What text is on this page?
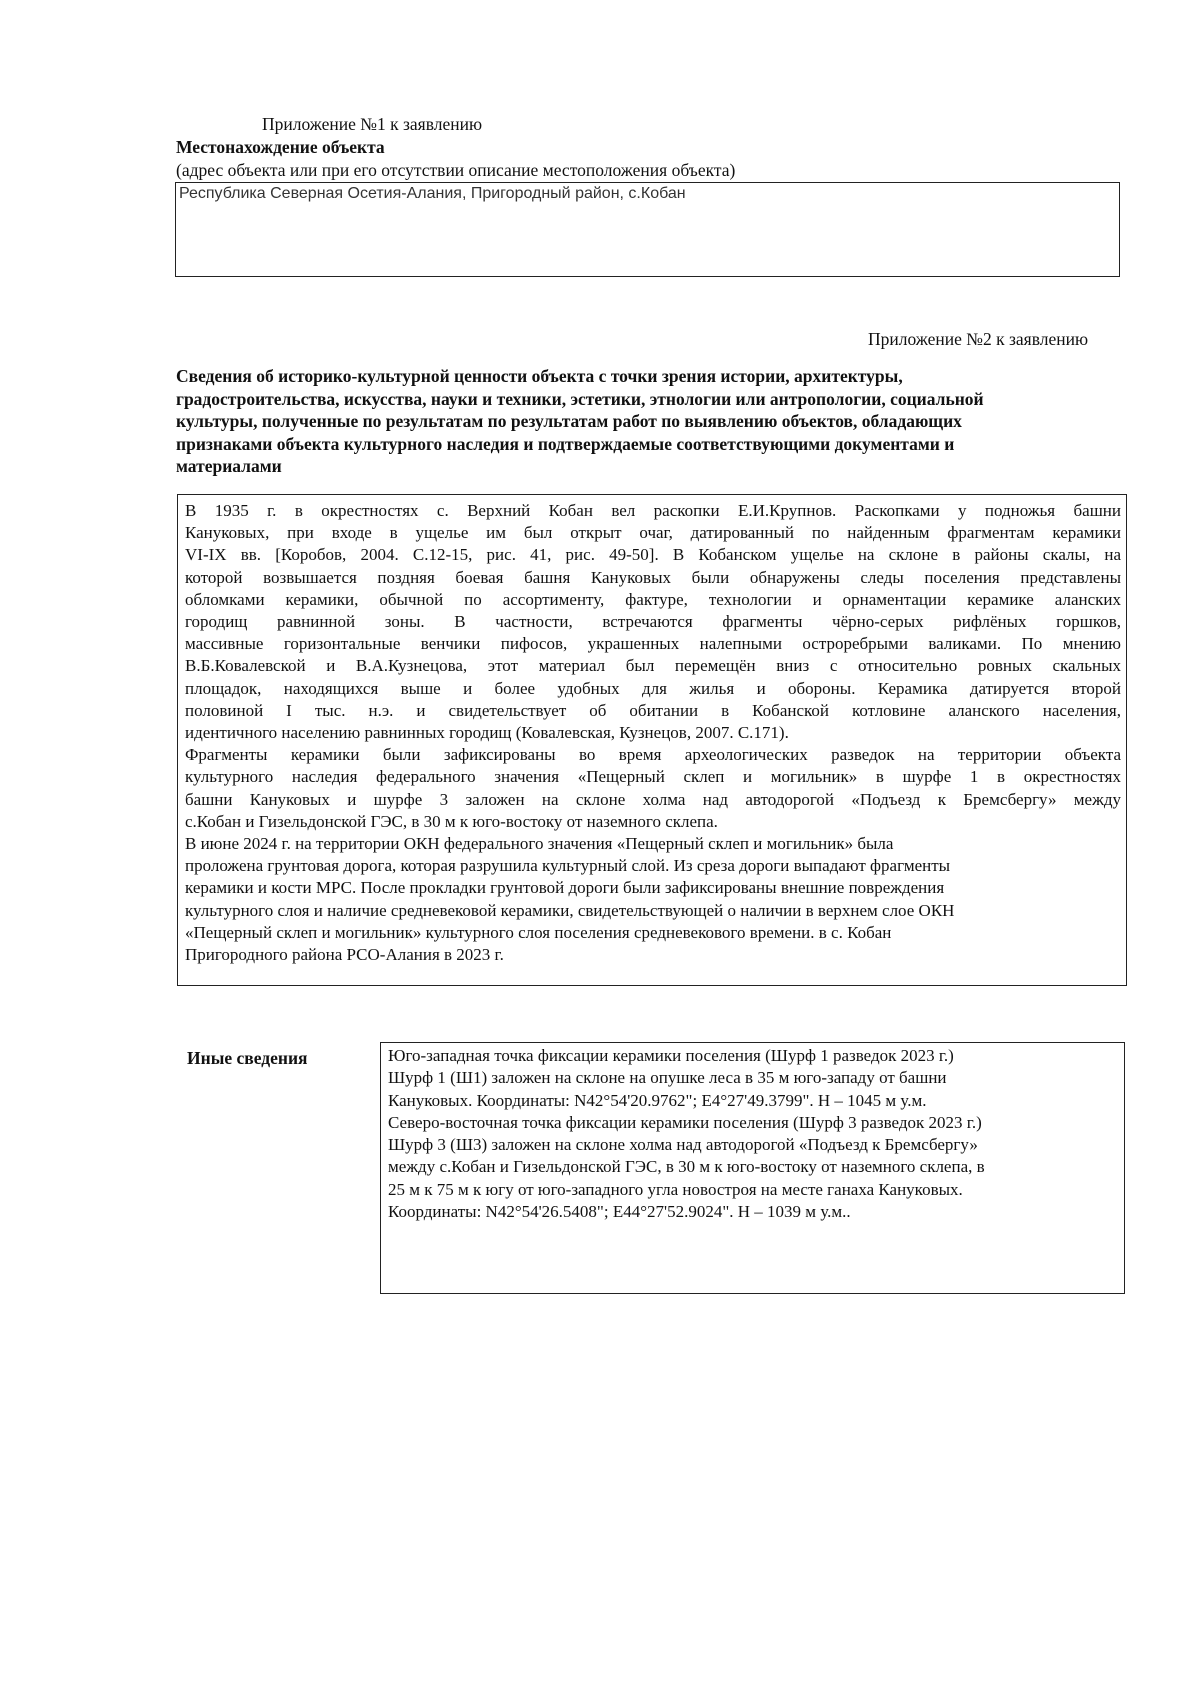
Приложение №1 к заявлению
Местонахождение объекта
(адрес объекта или при его отсутствии описание местоположения объекта)
Республика Северная Осетия-Алания, Пригородный район, с.Кобан
Приложение №2 к заявлению
Сведения об историко-культурной ценности объекта с точки зрения истории, архитектуры,
градостроительства, искусства, науки и техники, эстетики, этнологии или антропологии, социальной
культуры, полученные по результатам по результатам работ по выявлению объектов, обладающих
признаками объекта культурного наследия и подтверждаемые соответствующими документами и
материалами
В 1935 г. в окрестностях с. Верхний Кобан вел раскопки Е.И.Крупнов. Раскопками у подножья башни
Кануковых, при входе в ущелье им был открыт очаг, датированный по найденным фрагментам керамики
VI-IX вв. [Коробов, 2004. С.12-15, рис. 41, рис. 49-50]. В Кобанском ущелье на склоне в районы скалы, на
которой возвышается поздняя боевая башня Кануковых были обнаружены следы поселения представлены
обломками керамики, обычной по ассортименту, фактуре, технологии и орнаментации керамике аланских
городищ равнинной зоны. В частности, встречаются фрагменты чёрно-серых рифлёных горшков,
массивные горизонтальные венчики пифосов, украшенных налепными остроребрыми валиками. По мнению
В.Б.Ковалевской и В.А.Кузнецова, этот материал был перемещён вниз с относительно ровных скальных
площадок, находящихся выше и более удобных для жилья и обороны. Керамика датируется второй
половиной I тыс. н.э. и свидетельствует об обитании в Кобанской котловине аланского населения,
идентичного населению равнинных городищ (Ковалевская, Кузнецов, 2007. С.171).
Фрагменты керамики были зафиксированы во время археологических разведок на территории объекта
культурного наследия федерального значения «Пещерный склеп и могильник» в шурфе 1 в окрестностях
башни Кануковых и шурфе 3 заложен на склоне холма над автодорогой «Подъезд к Бремсбергу» между
с.Кобан и Гизельдонской ГЭС, в 30 м к юго-востоку от наземного склепа.
В июне 2024 г. на территории ОКН федерального значения «Пещерный склеп и могильник» была
проложена грунтовая дорога, которая разрушила культурный слой. Из среза дороги выпадают фрагменты
керамики и кости МРС. После прокладки грунтовой дороги были зафиксированы внешние повреждения
культурного слоя и наличие средневековой керамики, свидетельствующей о наличии в верхнем слое ОКН
«Пещерный склеп и могильник» культурного слоя поселения средневекового времени. в с. Кобан
Пригородного района РСО-Алания в 2023 г.
Иные сведения	Юго-западная точка фиксации керамики поселения (Шурф 1 разведок 2023 г.)
Шурф 1 (Ш1) заложен на склоне на опушке леса в 35 м юго-западу от башни
Кануковых. Координаты: N42°54'20.9762"; E4°27'49.3799". Н – 1045 м у.м.
Северо-восточная точка фиксации керамики поселения (Шурф 3 разведок 2023 г.)
Шурф 3 (Ш3) заложен на склоне холма над автодорогой «Подъезд к Бремсбергу»
между с.Кобан и Гизельдонской ГЭС, в 30 м к юго-востоку от наземного склепа, в
25 м к 75 м к югу от юго-западного угла новостроя на месте ганаха Кануковых.
Координаты: N42°54'26.5408"; E44°27'52.9024". Н – 1039 м у.м..
